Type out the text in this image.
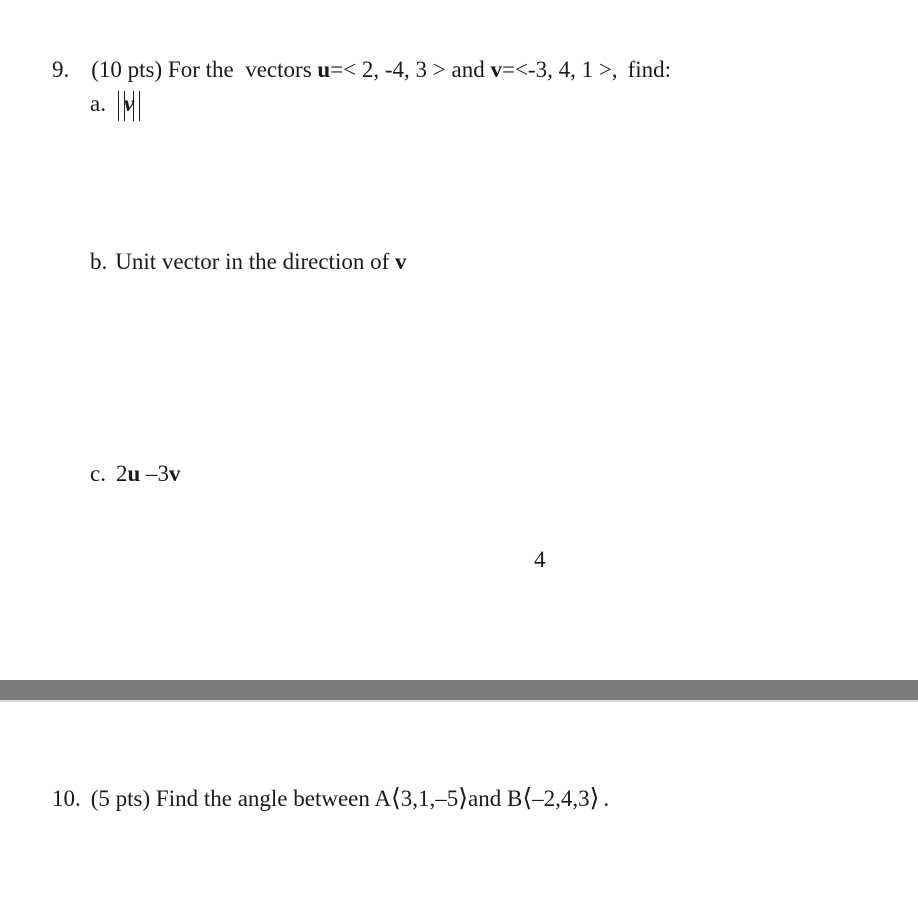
9. (10 pts) For the  vectors u=< 2, -4, 3 > and v=<-3, 4, 1 >, find:
a. v
b. Unit vector in the direction of v
c. 2u –3v
4
10. (5 pts) Find the angle between A⟨3,1,–5⟩and B⟨–2,4,3⟩ .
